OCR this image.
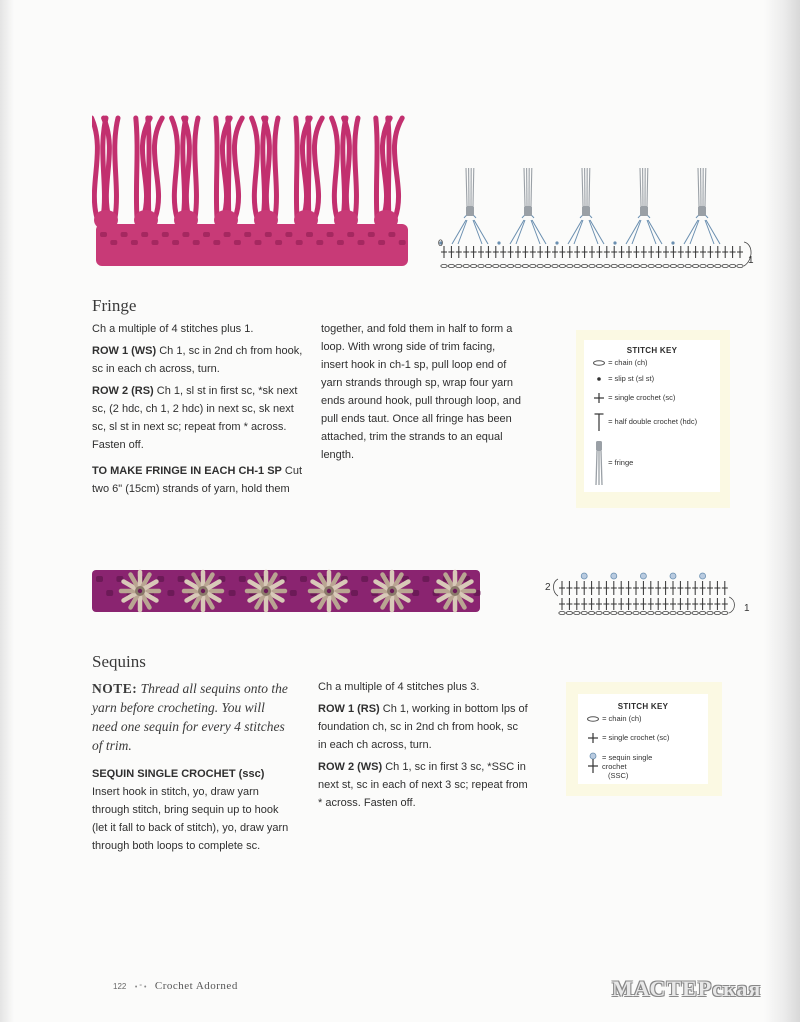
0
1
Fringe

Ch a multiple of 4 stitches plus 1.

ROW 1 (WS) Ch 1, sc in 2nd ch from hook, sc in each ch across, turn.

ROW 2 (RS) Ch 1, sl st in first sc, *sk next sc, (2 hdc, ch 1, 2 hdc) in next sc, sk next sc, sl st in next sc; repeat from * across. Fasten off.

TO MAKE FRINGE IN EACH CH-1 SP Cut two 6" (15cm) strands of yarn, hold them

together, and fold them in half to form a loop. With wrong side of trim facing, insert hook in ch-1 sp, pull loop end of yarn strands through sp, wrap four yarn ends around hook, pull through loop, and pull ends taut. Once all fringe has been attached, trim the strands to an equal length.

STITCH KEY
= chain (ch)
= slip st (sl st)
= single crochet (sc)
= half double crochet (hdc)
= fringe
2
1
Sequins
NOTE: Thread all sequins onto the yarn before crocheting. You will need one sequin for every 4 stitches of trim.
SEQUIN SINGLE CROCHET (ssc) Insert hook in stitch, yo, draw yarn through stitch, bring sequin up to hook (let it fall to back of stitch), yo, draw yarn through both loops to complete sc.

Ch a multiple of 4 stitches plus 3.

ROW 1 (RS) Ch 1, working in bottom lps of foundation ch, sc in 2nd ch from hook, sc in each ch across, turn.

ROW 2 (WS) Ch 1, sc in first 3 sc, *SSC in next st, sc in each of next 3 sc; repeat from * across. Fasten off.

STITCH KEY
= chain (ch)
= single crochet (sc)
= sequin single crochet
(SSC)
122 • ° • Crochet Adorned	МАСТЕРская
